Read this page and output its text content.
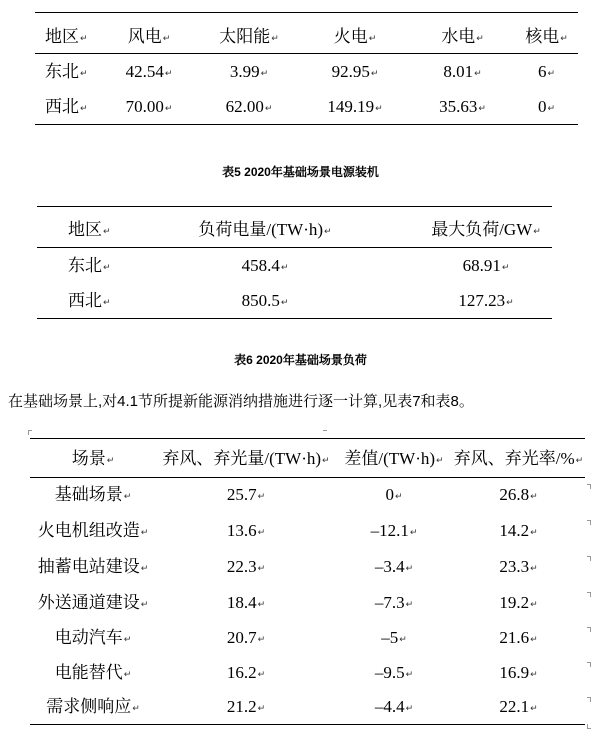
地区↵	风电↵	太阳能↵	火电↵	水电↵	核电↵
东北↵	42.54↵	3.99↵	92.95↵	8.01↵	6↵
西北↵	70.00↵	62.00↵	149.19↵	35.63↵	0↵
表5 2020年基础场景电源装机
地区↵	负荷电量/(TW·h)↵	最大负荷/GW↵
东北↵	458.4↵	68.91↵
西北↵	850.5↵	127.23↵
表6 2020年基础场景负荷
在基础场景上,对4.1节所提新能源消纳措施进行逐一计算,见表7和表8。
场景↵	弃风、弃光量/(TW·h)↵	差值/(TW·h)↵	弃风、弃光率/%↵
基础场景↵	25.7↵	0↵	26.8↵
火电机组改造↵	13.6↵	–12.1↵	14.2↵
抽蓄电站建设↵	22.3↵	–3.4↵	23.3↵
外送通道建设↵	18.4↵	–7.3↵	19.2↵
电动汽车↵	20.7↵	–5↵	21.6↵
电能替代↵	16.2↵	–9.5↵	16.9↵
需求侧响应↵	21.2↵	–4.4↵	22.1↵
